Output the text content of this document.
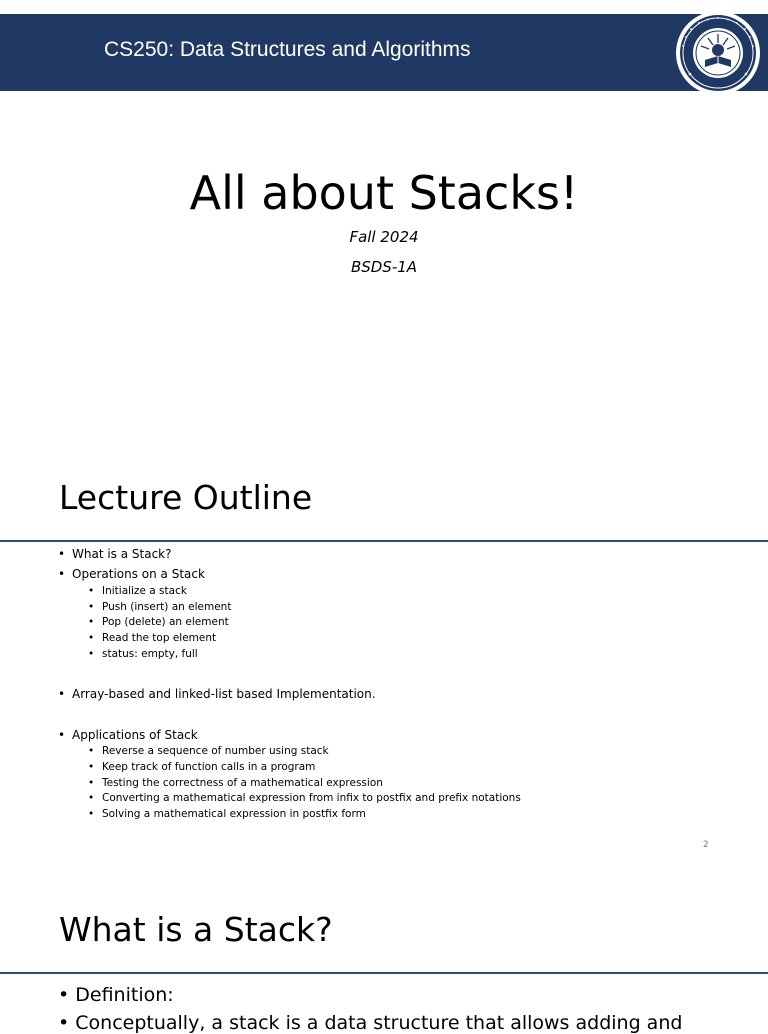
CS250: Data Structures and Algorithms
All about Stacks!
Fall 2024
BSDS-1A
Lecture Outline
• What is a Stack?
• Operations on a Stack
• Initialize a stack
• Push (insert) an element
• Pop (delete) an element
• Read the top element
• status: empty, full
• Array-based and linked-list based Implementation.
• Applications of Stack
• Reverse a sequence of number using stack
• Keep track of function calls in a program
• Testing the correctness of a mathematical expression
• Converting a mathematical expression from infix to postfix and prefix notations
• Solving a mathematical expression in postfix form
2
What is a Stack?
• Definition:
• Conceptually, a stack is a data structure that allows adding and
